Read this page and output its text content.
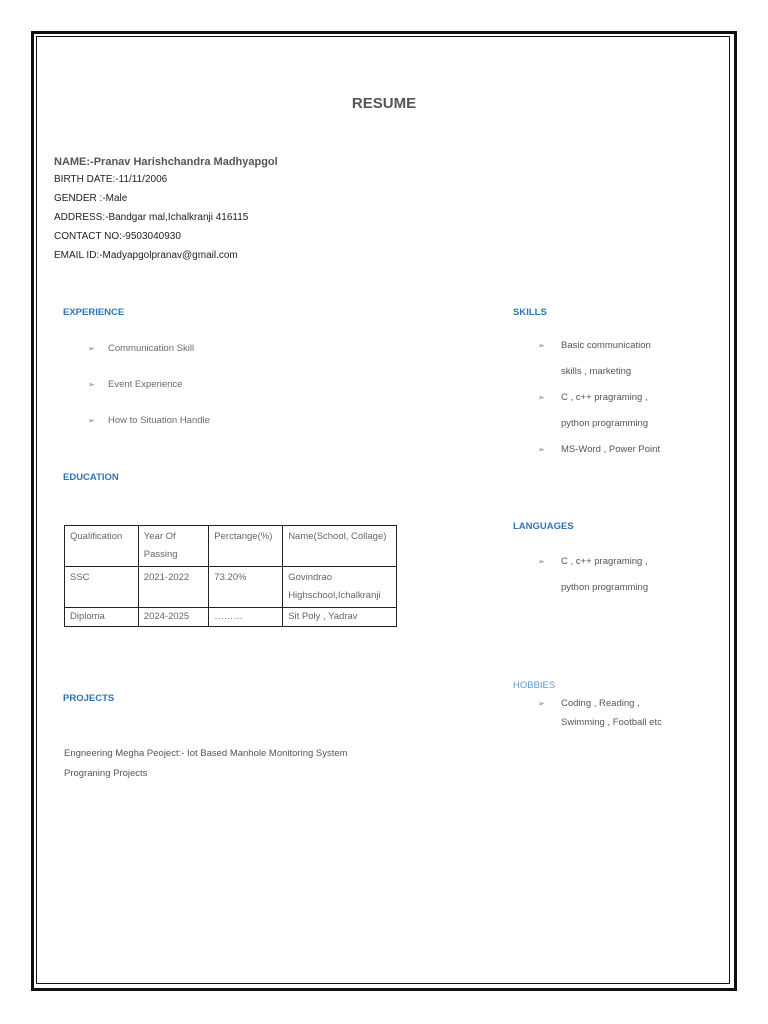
RESUME
NAME:-Pranav Harishchandra Madhyapgol
BIRTH DATE:-11/11/2006
GENDER :-Male
ADDRESS:-Bandgar mal,Ichalkranji 416115
CONTACT NO:-9503040930
EMAIL ID:-Madyapgolpranav@gmail.com
EXPERIENCE
➢ Communication Skill
➢ Event Experience
➢ How to Situation Handle
EDUCATION
Qualification	Year Of Passing	Perctange(%)	Name(School, Collage)
SSC	2021-2022	73.20%	Govindrao Highschool,Ichalkranji
Diploma	2024-2025	………	Sit Poly , Yadrav
PROJECTS
Engneering Megha Peoject:- Iot Based Manhole Monitoring System
Prograning Projects
SKILLS
➢ Basic communication
skills , marketing
➢ C , c++ pragraming ,
python programming
➢ MS-Word , Power Point
LANGUAGES
➢ C , c++ pragraming ,
python programming
HOBBIES
➢ Coding , Reading ,
Swimming , Football etc
